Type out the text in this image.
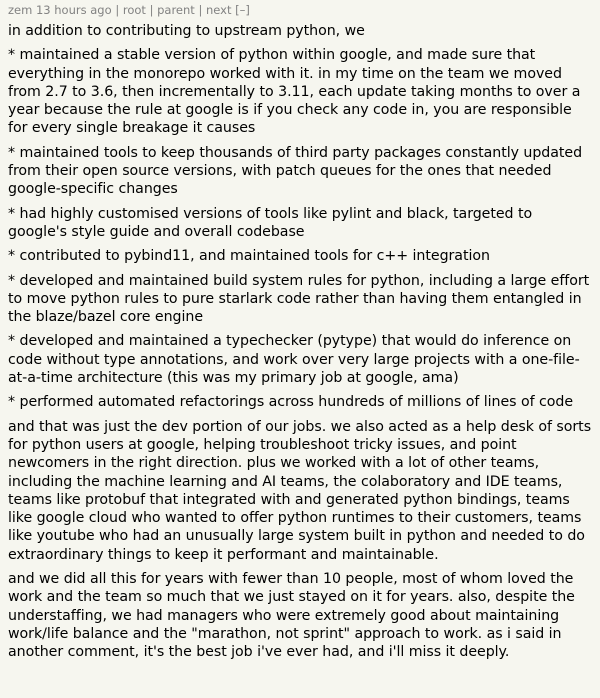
zem 13 hours ago | root | parent | next [–]

in addition to contributing to upstream python, we

* maintained a stable version of python within google, and made sure that everything in the monorepo worked with it. in my time on the team we moved from 2.7 to 3.6, then incrementally to 3.11, each update taking months to over a year because the rule at google is if you check any code in, you are responsible for every single breakage it causes

* maintained tools to keep thousands of third party packages constantly updated from their open source versions, with patch queues for the ones that needed google-specific changes

* had highly customised versions of tools like pylint and black, targeted to google's style guide and overall codebase

* contributed to pybind11, and maintained tools for c++ integration

* developed and maintained build system rules for python, including a large effort to move python rules to pure starlark code rather than having them entangled in the blaze/bazel core engine

* developed and maintained a typechecker (pytype) that would do inference on code without type annotations, and work over very large projects with a one-file-at-a-time architecture (this was my primary job at google, ama)

* performed automated refactorings across hundreds of millions of lines of code

and that was just the dev portion of our jobs. we also acted as a help desk of sorts for python users at google, helping troubleshoot tricky issues, and point newcomers in the right direction. plus we worked with a lot of other teams, including the machine learning and AI teams, the colaboratory and IDE teams, teams like protobuf that integrated with and generated python bindings, teams like google cloud who wanted to offer python runtimes to their customers, teams like youtube who had an unusually large system built in python and needed to do extraordinary things to keep it performant and maintainable.

and we did all this for years with fewer than 10 people, most of whom loved the work and the team so much that we just stayed on it for years. also, despite the understaffing, we had managers who were extremely good about maintaining work/life balance and the "marathon, not sprint" approach to work. as i said in another comment, it's the best job i've ever had, and i'll miss it deeply.
